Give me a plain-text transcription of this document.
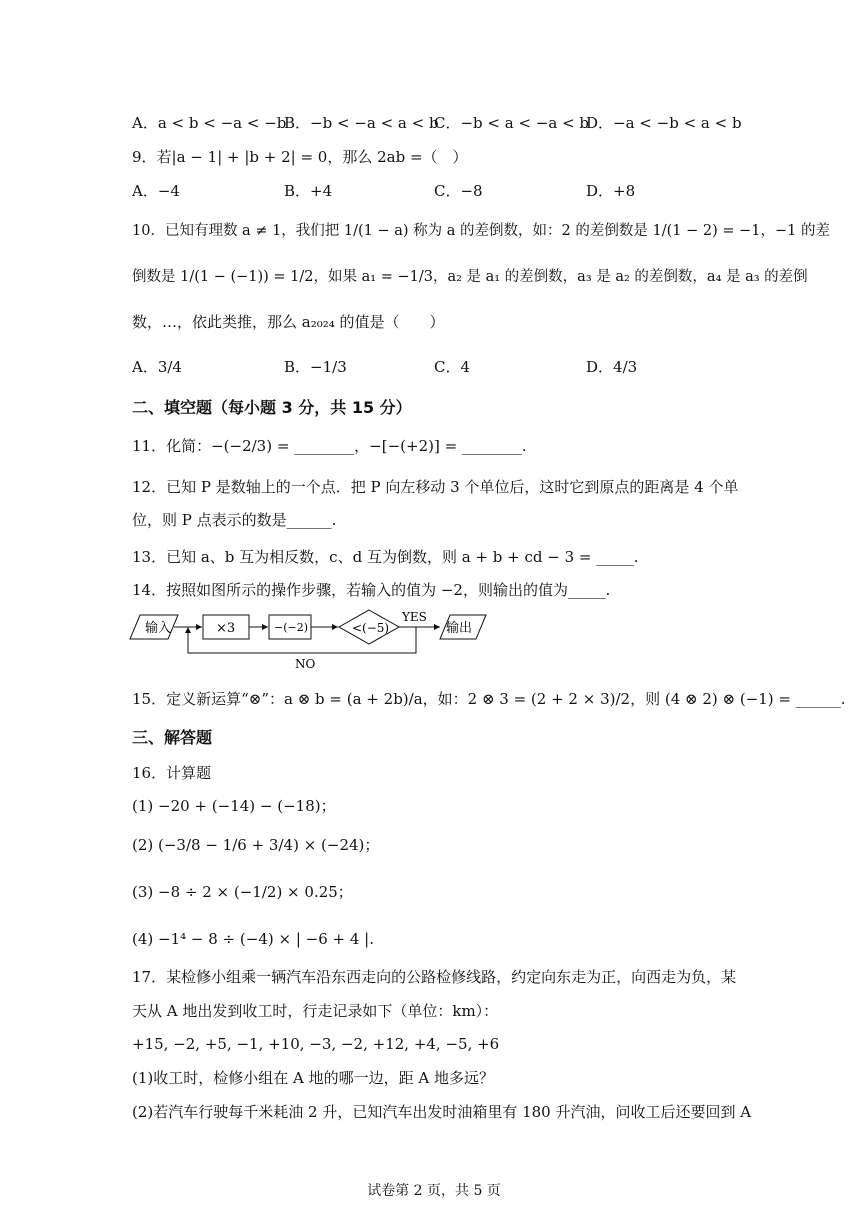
A．a < b < −a < −b
B．−b < −a < a < b
C．−b < a < −a < b
D．−a < −b < a < b
9．若|a − 1| + |b + 2| = 0，那么 2ab =（　）
A．−4	B．+4	C．−8	D．+8
10．已知有理数 a ≠ 1，我们把 1/(1 − a) 称为 a 的差倒数，如：2 的差倒数是 1/(1 − 2) = −1，−1 的差
倒数是 1/(1 − (−1)) = 1/2，如果 a₁ = −1/3，a₂ 是 a₁ 的差倒数，a₃ 是 a₂ 的差倒数，a₄ 是 a₃ 的差倒
数，…，依此类推，那么 a₂₀₂₄ 的值是（　　）
A．3/4	B．−1/3	C．4	D．4/3
二、填空题（每小题 3 分，共 15 分）
11．化简：−(−2/3) = ________，−[−(+2)] = ________.
12．已知 P 是数轴上的一个点．把 P 向左移动 3 个单位后，这时它到原点的距离是 4 个单
位，则 P 点表示的数是______.
13．已知 a、b 互为相反数，c、d 互为倒数，则 a + b + cd − 3 = _____.
14．按照如图所示的操作步骤，若输入的值为 −2，则输出的值为_____.
输入	×3	−(−2)	<(−5)
YES
输出
NO
15．定义新运算“⊗”：a ⊗ b = (a + 2b)/a，如：2 ⊗ 3 = (2 + 2 × 3)/2，则 (4 ⊗ 2) ⊗ (−1) = ______.
三、解答题
16．计算题
(1) −20 + (−14) − (−18)；
(2) (−3/8 − 1/6 + 3/4) × (−24)；
(3) −8 ÷ 2 × (−1/2) × 0.25；
(4) −1⁴ − 8 ÷ (−4) × | −6 + 4 |.
17．某检修小组乘一辆汽车沿东西走向的公路检修线路，约定向东走为正，向西走为负，某
天从 A 地出发到收工时，行走记录如下（单位：km）：
+15, −2, +5, −1, +10, −3, −2, +12, +4, −5, +6
(1)收工时，检修小组在 A 地的哪一边，距 A 地多远？
(2)若汽车行驶每千米耗油 2 升，已知汽车出发时油箱里有 180 升汽油，问收工后还要回到 A
试卷第 2 页，共 5 页
